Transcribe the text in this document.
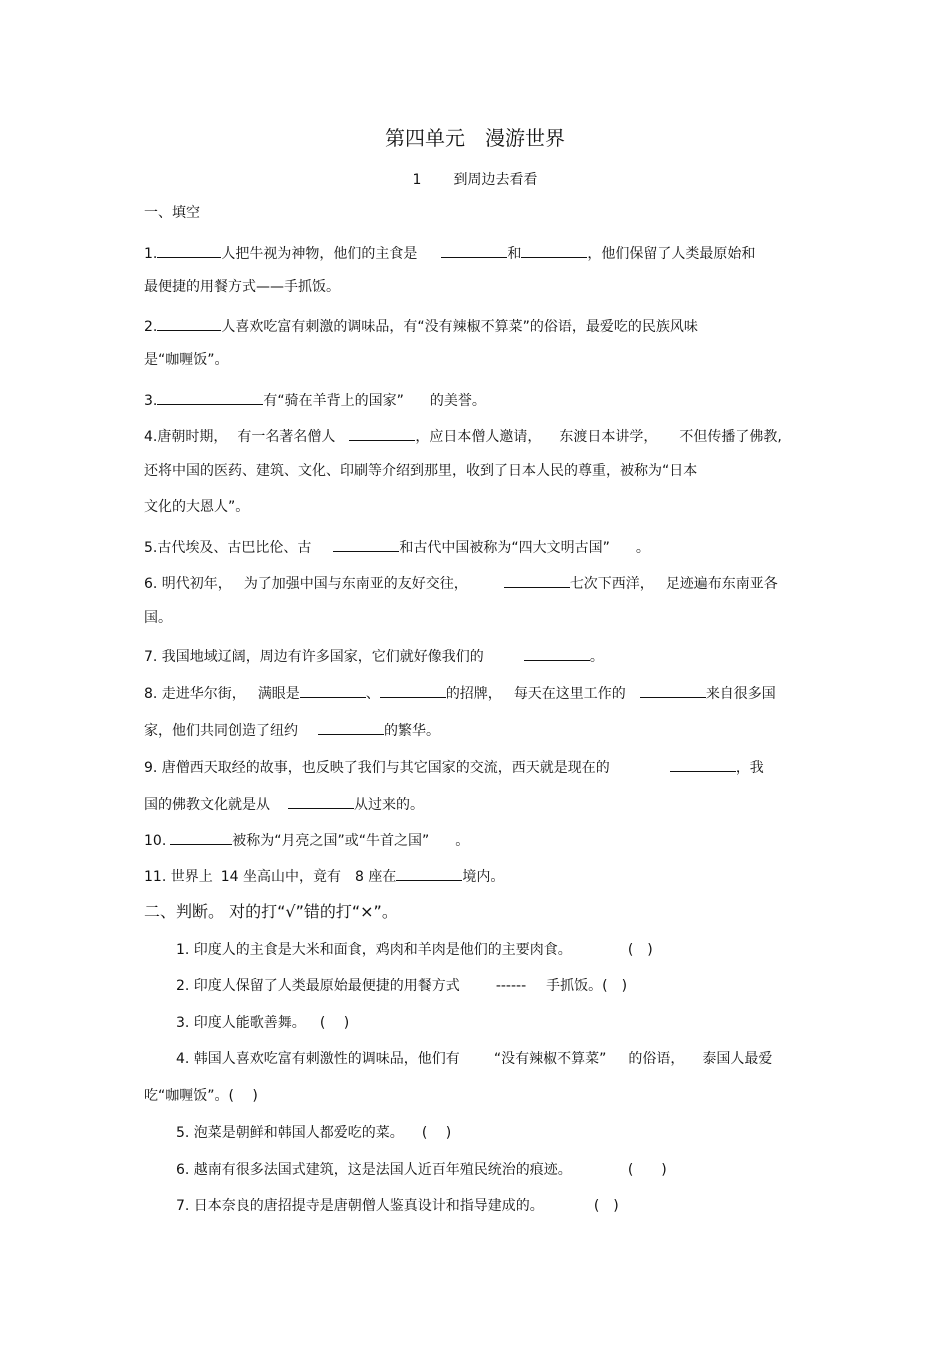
第四单元　漫游世界
1 到周边去看看
一、填空
1.	人把牛视为神物，他们的主食是	和	，他们保留了人类最原始和
最便捷的用餐方式——手抓饭。
2.	人喜欢吃富有刺激的调味品，有“没有辣椒不算菜”的俗语，最爱吃的民族风味
是“咖喱饭”。
3.	有“骑在羊背上的国家” 的美誉。
4.唐朝时期， 有一名著名僧人	，应日本僧人邀请， 东渡日本讲学， 不但传播了佛教,
还将中国的医药、建筑、文化、印刷等介绍到那里，收到了日本人民的尊重，被称为“日本
文化的大恩人”。
5.古代埃及、古巴比伦、古	和古代中国被称为“四大文明古国” 。
6. 明代初年， 为了加强中国与东南亚的友好交往，	七次下西洋， 足迹遍布东南亚各
国。
7. 我国地域辽阔，周边有许多国家，它们就好像我们的	。
8. 走进华尔街， 满眼是	、	的招牌， 每天在这里工作的	来自很多国
家，他们共同创造了纽约	的繁华。
9. 唐僧西天取经的故事，也反映了我们与其它国家的交流，西天就是现在的	，我
国的佛教文化就是从	从过来的。
10.	被称为“月亮之国”或“牛首之国” 。
11. 世界上 14 坐高山中，竟有 8 座在	境内。
二、判断。 对的打“√”错的打“×”。
1. 印度人的主食是大米和面食，鸡肉和羊肉是他们的主要肉食。	(　)
2. 印度人保留了人类最原始最便捷的用餐方式	------ 手抓饭。(　)
3. 印度人能歌善舞。 (　 )
4. 韩国人喜欢吃富有刺激性的调味品，他们有 “没有辣椒不算菜” 的俗语， 泰国人最爱
吃“咖喱饭”。(　 )
5. 泡菜是朝鲜和韩国人都爱吃的菜。 (　 )
6. 越南有很多法国式建筑，这是法国人近百年殖民统治的痕迹。	(　　)
7. 日本奈良的唐招提寺是唐朝僧人鉴真设计和指导建成的。	(　)
